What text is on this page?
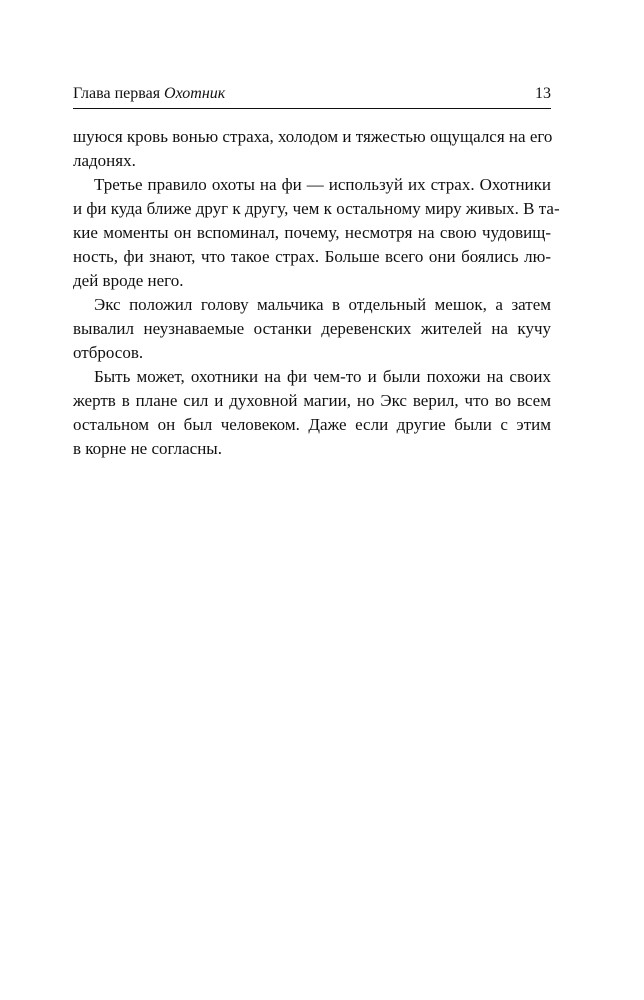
Глава первая Охотник	13

шуюся кровь вонью страха, холодом и тяжестью ощущался на его
ладонях.

Третье правило охоты на фи — используй их страх. Охотники
и фи куда ближе друг к другу, чем к остальному миру живых. В та-
кие моменты он вспоминал, почему, несмотря на свою чудовищ-
ность, фи знают, что такое страх. Больше всего они боялись лю-
дей вроде него.

Экс положил голову мальчика в отдельный мешок, а затем
вывалил неузнаваемые останки деревенских жителей на кучу
отбросов.

Быть может, охотники на фи чем-то и были похожи на своих
жертв в плане сил и духовной магии, но Экс верил, что во всем
остальном он был человеком. Даже если другие были с этим
в корне не согласны.
